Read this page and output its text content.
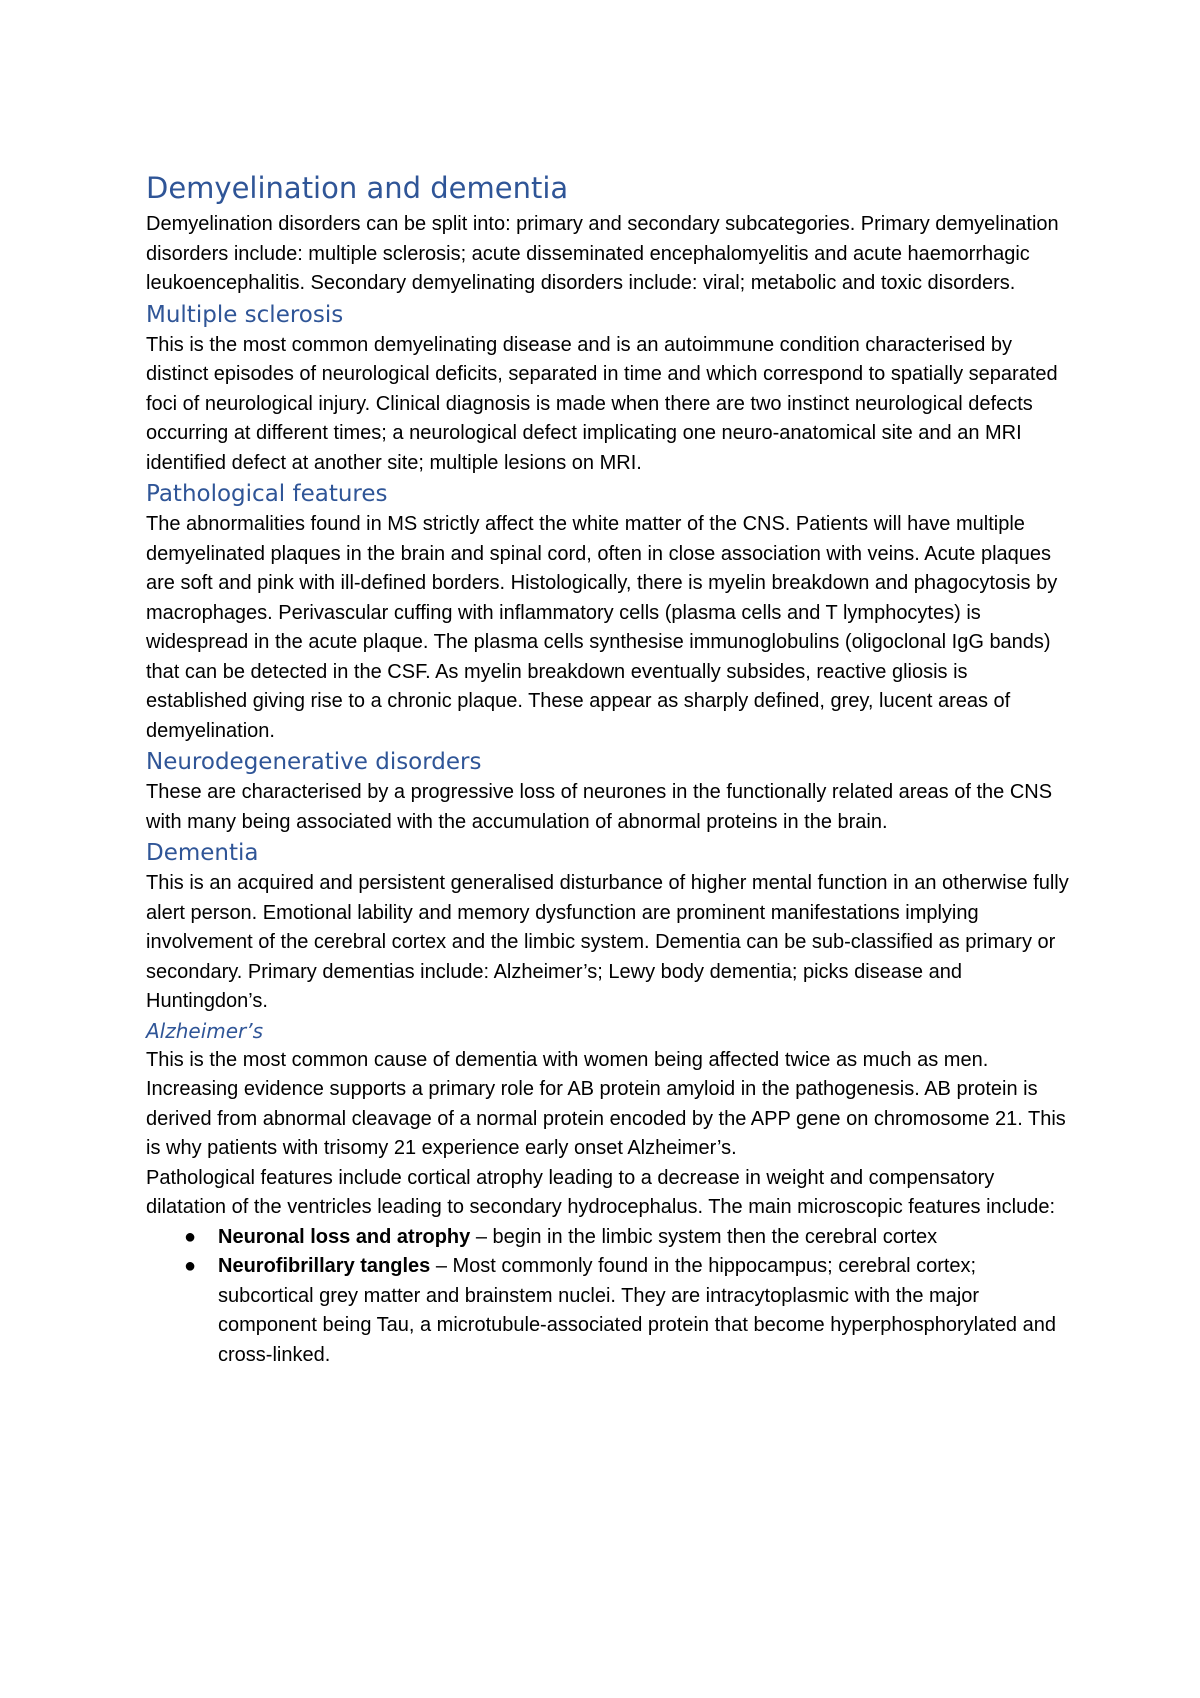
Demyelination and dementia

Demyelination disorders can be split into: primary and secondary subcategories. Primary demyelination disorders include: multiple sclerosis; acute disseminated encephalomyelitis and acute haemorrhagic leukoencephalitis. Secondary demyelinating disorders include: viral; metabolic and toxic disorders.

Multiple sclerosis

This is the most common demyelinating disease and is an autoimmune condition characterised by distinct episodes of neurological deficits, separated in time and which correspond to spatially separated foci of neurological injury. Clinical diagnosis is made when there are two instinct neurological defects occurring at different times; a neurological defect implicating one neuro-anatomical site and an MRI identified defect at another site; multiple lesions on MRI.

Pathological features

The abnormalities found in MS strictly affect the white matter of the CNS. Patients will have multiple demyelinated plaques in the brain and spinal cord, often in close association with veins. Acute plaques are soft and pink with ill-defined borders. Histologically, there is myelin breakdown and phagocytosis by macrophages. Perivascular cuffing with inflammatory cells (plasma cells and T lymphocytes) is widespread in the acute plaque. The plasma cells synthesise immunoglobulins (oligoclonal IgG bands) that can be detected in the CSF. As myelin breakdown eventually subsides, reactive gliosis is established giving rise to a chronic plaque. These appear as sharply defined, grey, lucent areas of demyelination.

Neurodegenerative disorders

These are characterised by a progressive loss of neurones in the functionally related areas of the CNS with many being associated with the accumulation of abnormal proteins in the brain.

Dementia

This is an acquired and persistent generalised disturbance of higher mental function in an otherwise fully alert person. Emotional lability and memory dysfunction are prominent manifestations implying involvement of the cerebral cortex and the limbic system. Dementia can be sub-classified as primary or secondary. Primary dementias include: Alzheimer’s; Lewy body dementia; picks disease and Huntingdon’s.

Alzheimer’s

This is the most common cause of dementia with women being affected twice as much as men. Increasing evidence supports a primary role for AB protein amyloid in the pathogenesis. AB protein is derived from abnormal cleavage of a normal protein encoded by the APP gene on chromosome 21. This is why patients with trisomy 21 experience early onset Alzheimer’s.

Pathological features include cortical atrophy leading to a decrease in weight and compensatory dilatation of the ventricles leading to secondary hydrocephalus. The main microscopic features include:

● Neuronal loss and atrophy – begin in the limbic system then the cerebral cortex
● Neurofibrillary tangles – Most commonly found in the hippocampus; cerebral cortex; subcortical grey matter and brainstem nuclei. They are intracytoplasmic with the major component being Tau, a microtubule-associated protein that become hyperphosphorylated and cross-linked.
